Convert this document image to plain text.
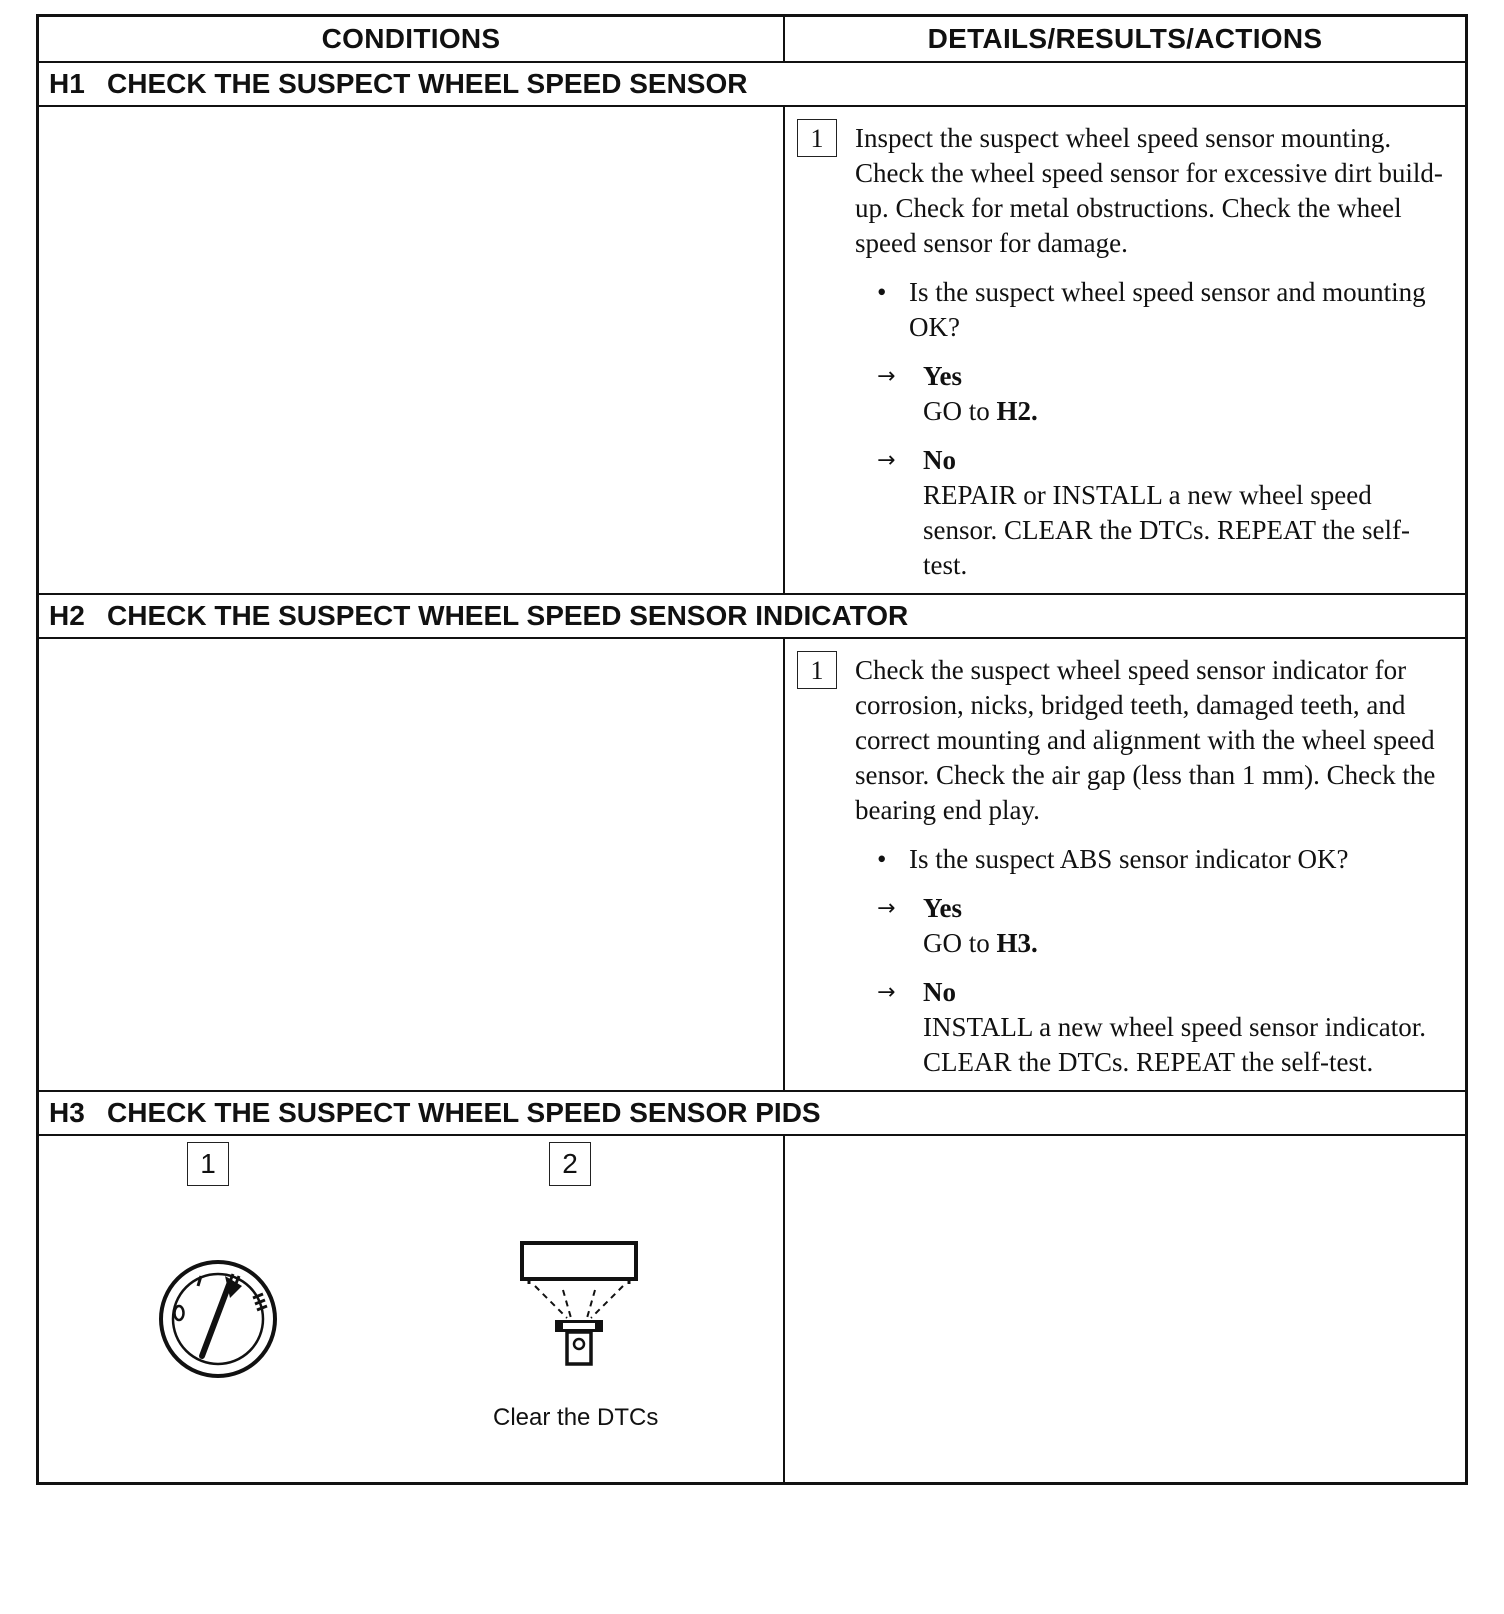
CONDITIONS	DETAILS/RESULTS/ACTIONS
H1 CHECK THE SUSPECT WHEEL SPEED SENSOR
1	Inspect the suspect wheel speed sensor mounting. Check the wheel speed sensor for excessive dirt build-up. Check for metal obstructions. Check the wheel speed sensor for damage.
• Is the suspect wheel speed sensor and mounting OK?
→	Yes
GO to H2.
→	No
REPAIR or INSTALL a new wheel speed sensor. CLEAR the DTCs. REPEAT the self-test.
H2 CHECK THE SUSPECT WHEEL SPEED SENSOR INDICATOR
1	Check the suspect wheel speed sensor indicator for corrosion, nicks, bridged teeth, damaged teeth, and correct mounting and alignment with the wheel speed sensor. Check the air gap (less than 1 mm). Check the bearing end play.
• Is the suspect ABS sensor indicator OK?
→	Yes
GO to H3.
→	No
INSTALL a new wheel speed sensor indicator. CLEAR the DTCs. REPEAT the self-test.
H3 CHECK THE SUSPECT WHEEL SPEED SENSOR PIDS
1	2
Clear the DTCs
